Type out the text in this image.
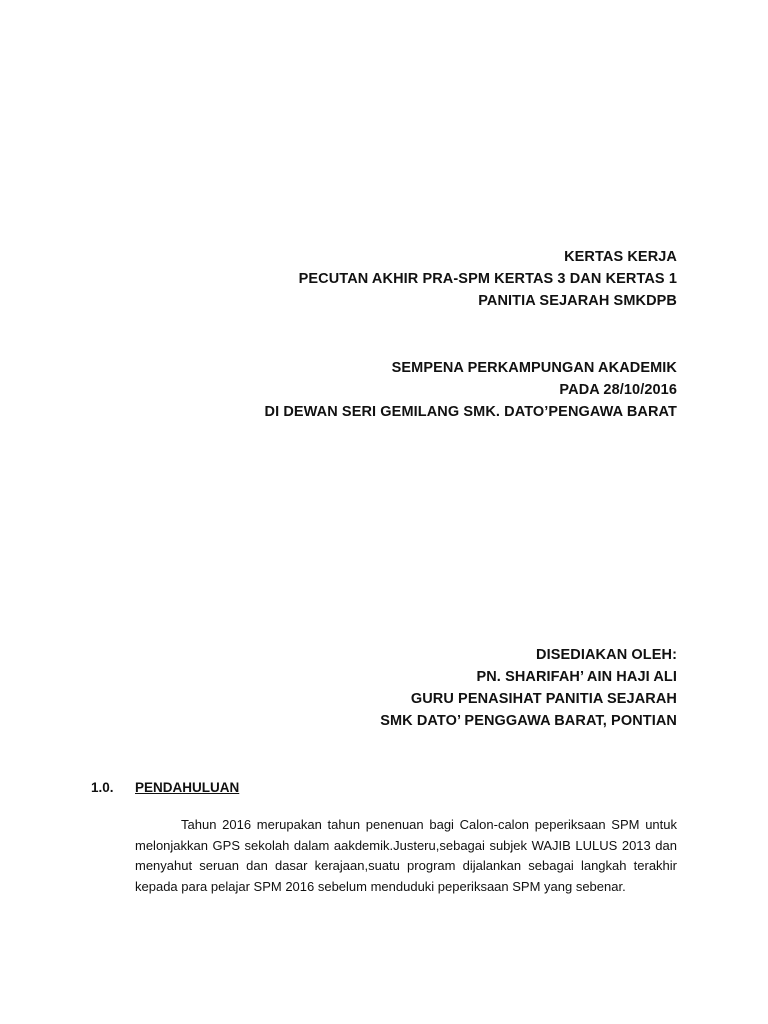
KERTAS KERJA
PECUTAN AKHIR PRA-SPM KERTAS 3 DAN KERTAS 1
PANITIA SEJARAH SMKDPB
SEMPENA PERKAMPUNGAN AKADEMIK
PADA 28/10/2016
DI DEWAN SERI GEMILANG SMK. DATO’PENGAWA BARAT
DISEDIAKAN OLEH:
PN. SHARIFAH’ AIN HAJI ALI
GURU PENASIHAT PANITIA SEJARAH
SMK DATO’ PENGGAWA BARAT, PONTIAN
1.0. PENDAHULUAN

Tahun 2016 merupakan tahun penenuan bagi Calon-calon peperiksaan SPM untuk melonjakkan GPS sekolah dalam aakdemik.Justeru,sebagai subjek WAJIB LULUS 2013 dan menyahut seruan dan dasar kerajaan,suatu program dijalankan sebagai langkah terakhir kepada para pelajar SPM 2016 sebelum menduduki peperiksaan SPM yang sebenar.
